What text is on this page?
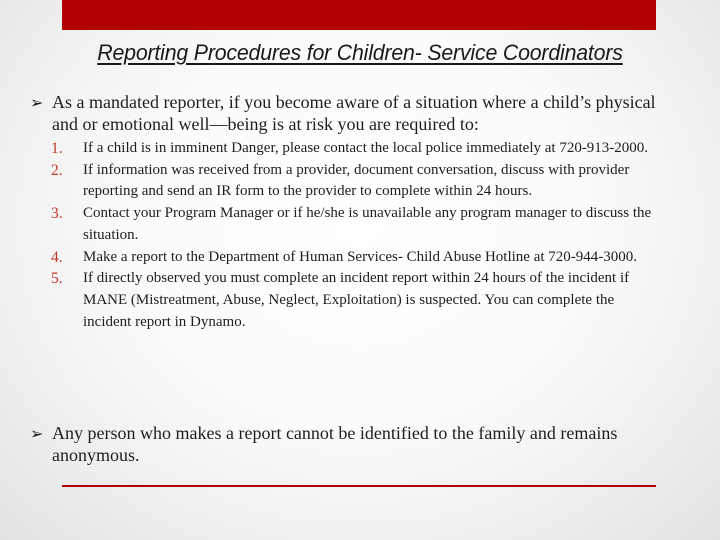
Reporting Procedures for Children- Service Coordinators
➢ As a mandated reporter, if you become aware of a situation where a child’s physical and or emotional well—being is at risk you are required to:
1.	If a child is in imminent Danger, please contact the local police immediately at 720-913-2000.
2.	If information was received from a provider, document conversation, discuss with provider reporting and send an IR form to the provider to complete within 24 hours.
3.	Contact your Program Manager or if he/she is unavailable any program manager to discuss the situation.
4.	Make a report to the Department of Human Services- Child Abuse Hotline at 720-944-3000.
5.	If directly observed you must complete an incident report within 24 hours of the incident if MANE (Mistreatment, Abuse, Neglect, Exploitation) is suspected. You can complete the incident report in Dynamo.
➢ Any person who makes a report cannot be identified to the family and remains anonymous.
